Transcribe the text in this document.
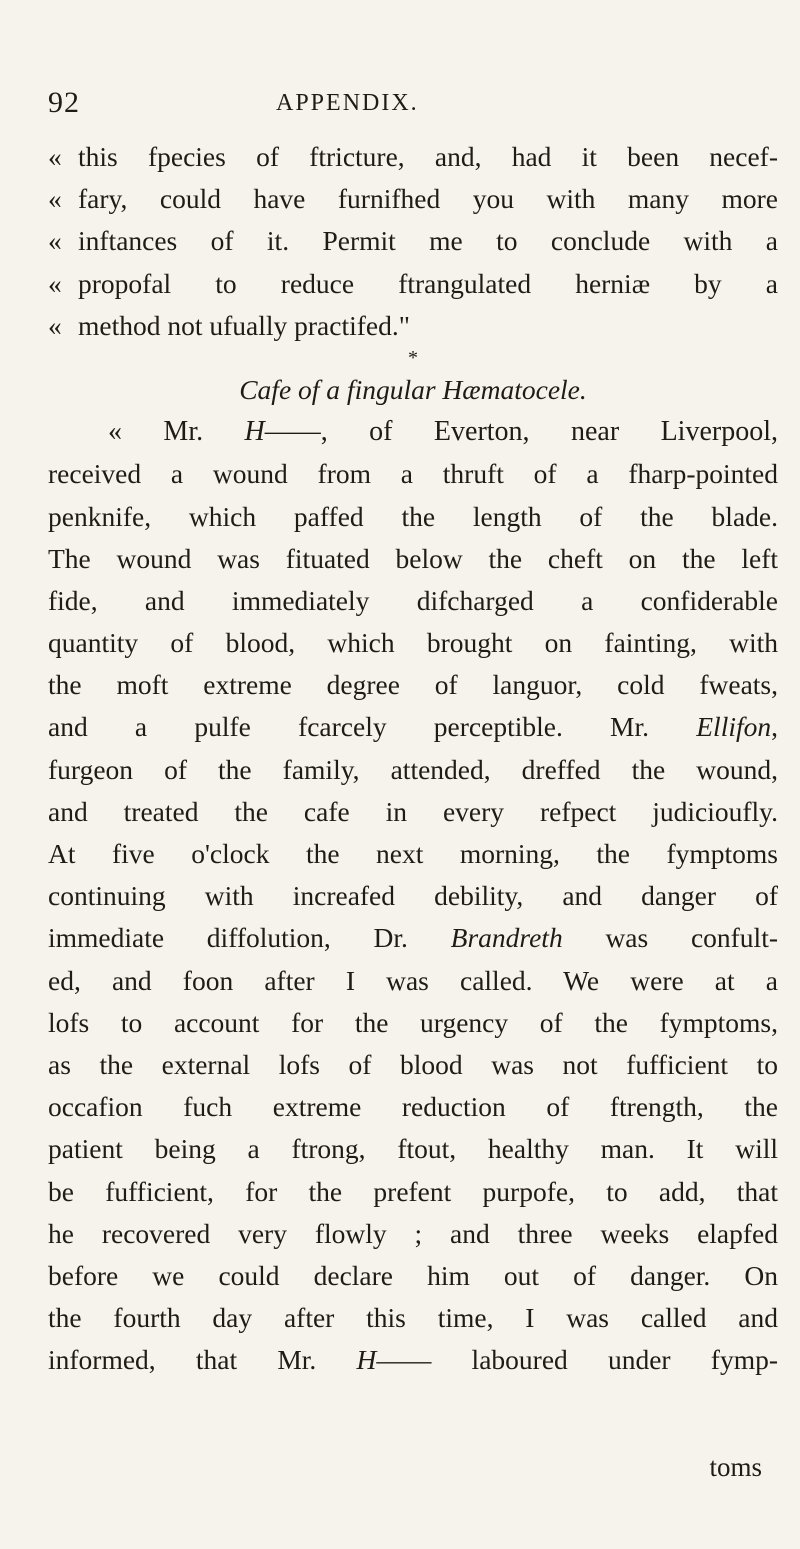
92	APPENDIX.
« this fpecies of ftricture, and, had it been necef-
« fary, could have furnifhed you with many more
« inftances of it. Permit me to conclude with a
« propofal to reduce ftrangulated herniæ by a
« method not ufually practifed."
*
Cafe of a fingular Hæmatocele.
« Mr. H——, of Everton, near Liverpool,
received a wound from a thruft of a fharp-pointed
penknife, which paffed the length of the blade.
The wound was fituated below the cheft on the left
fide, and immediately difcharged a confiderable
quantity of blood, which brought on fainting, with
the moft extreme degree of languor, cold fweats,
and a pulfe fcarcely perceptible. Mr. Ellifon,
furgeon of the family, attended, dreffed the wound,
and treated the cafe in every refpect judicioufly.
At five o'clock the next morning, the fymptoms
continuing with increafed debility, and danger of
immediate diffolution, Dr. Brandreth was confult-
ed, and foon after I was called. We were at a
lofs to account for the urgency of the fymptoms,
as the external lofs of blood was not fufficient to
occafion fuch extreme reduction of ftrength, the
patient being a ftrong, ftout, healthy man. It will
be fufficient, for the prefent purpofe, to add, that
he recovered very flowly ; and three weeks elapfed
before we could declare him out of danger. On
the fourth day after this time, I was called and
informed, that Mr. H—— laboured under fymp-
toms
